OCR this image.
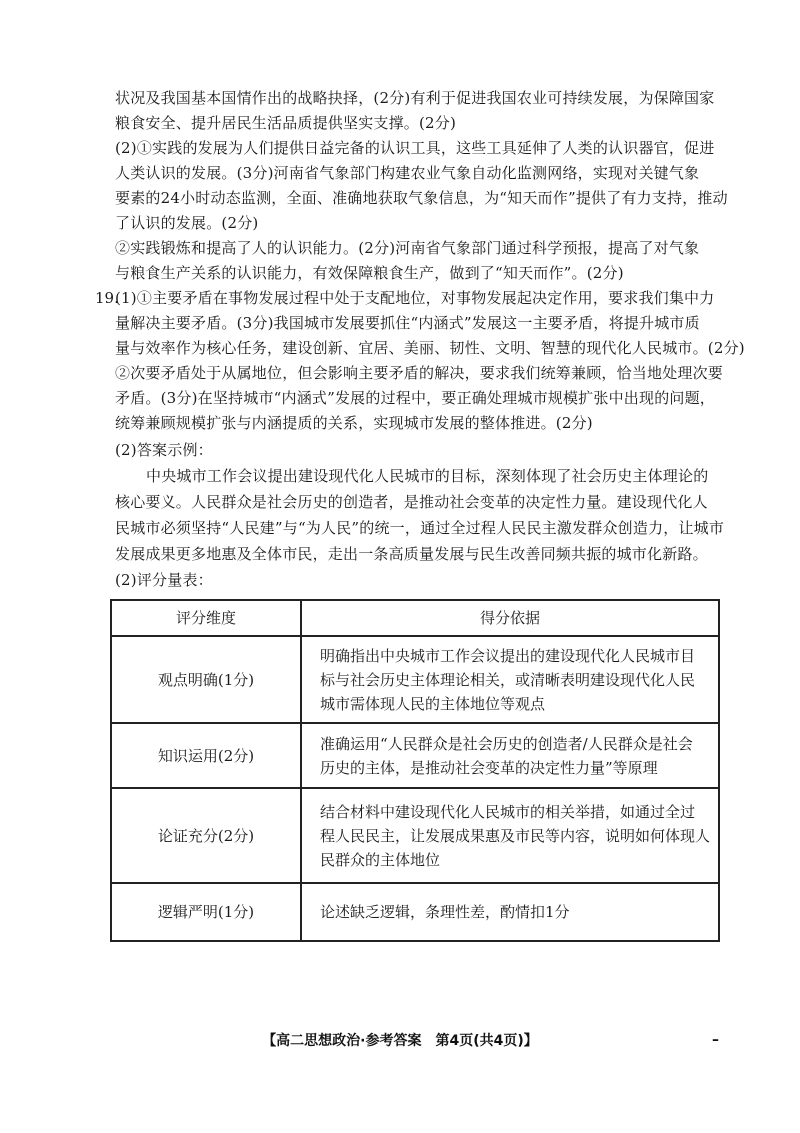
状况及我国基本国情作出的战略抉择，(2分)有利于促进我国农业可持续发展，为保障国家
粮食安全、提升居民生活品质提供坚实支撑。(2分)
(2)①实践的发展为人们提供日益完备的认识工具，这些工具延伸了人类的认识器官，促进
人类认识的发展。(3分)河南省气象部门构建农业气象自动化监测网络，实现对关键气象
要素的24小时动态监测，全面、准确地获取气象信息，为“知天而作”提供了有力支持，推动
了认识的发展。(2分)
②实践锻炼和提高了人的认识能力。(2分)河南省气象部门通过科学预报，提高了对气象
与粮食生产关系的认识能力，有效保障粮食生产，做到了“知天而作”。(2分)
19.
(1)①主要矛盾在事物发展过程中处于支配地位，对事物发展起决定作用，要求我们集中力
量解决主要矛盾。(3分)我国城市发展要抓住“内涵式”发展这一主要矛盾，将提升城市质
量与效率作为核心任务，建设创新、宜居、美丽、韧性、文明、智慧的现代化人民城市。(2分)
②次要矛盾处于从属地位，但会影响主要矛盾的解决，要求我们统筹兼顾，恰当地处理次要
矛盾。(3分)在坚持城市“内涵式”发展的过程中，要正确处理城市规模扩张中出现的问题，
统筹兼顾规模扩张与内涵提质的关系，实现城市发展的整体推进。(2分)
(2)答案示例：
中央城市工作会议提出建设现代化人民城市的目标，深刻体现了社会历史主体理论的
核心要义。人民群众是社会历史的创造者，是推动社会变革的决定性力量。建设现代化人
民城市必须坚持“人民建”与“为人民”的统一，通过全过程人民民主激发群众创造力，让城市
发展成果更多地惠及全体市民，走出一条高质量发展与民生改善同频共振的城市化新路。
(2)评分量表：
评分维度	得分依据
观点明确(1分)	明确指出中央城市工作会议提出的建设现代化人民城市目
标与社会历史主体理论相关，或清晰表明建设现代化人民
城市需体现人民的主体地位等观点

知识运用(2分)	准确运用“人民群众是社会历史的创造者/人民群众是社会
历史的主体，是推动社会变革的决定性力量”等原理

论证充分(2分)	结合材料中建设现代化人民城市的相关举措，如通过全过
程人民民主，让发展成果惠及市民等内容，说明如何体现人
民群众的主体地位

逻辑严明(1分)	论述缺乏逻辑，条理性差，酌情扣1分
【高二思想政治·参考答案　第4页(共4页)】	–
